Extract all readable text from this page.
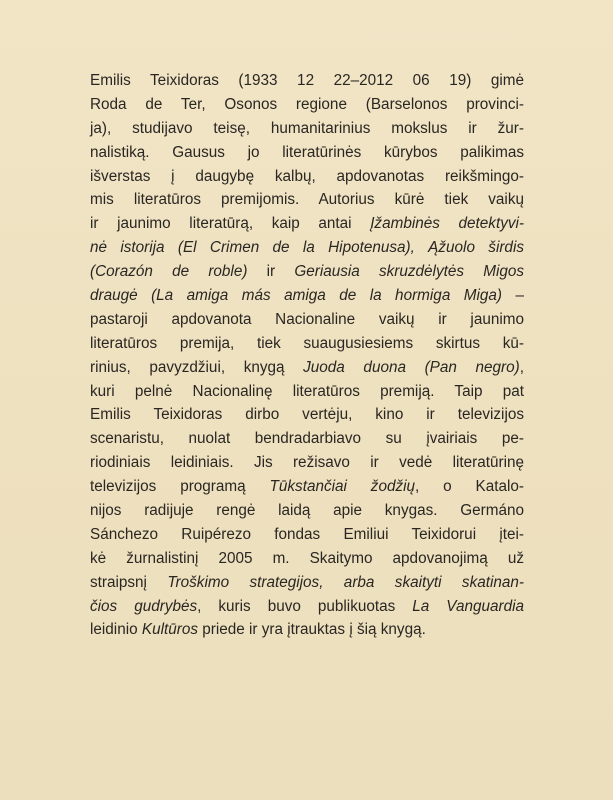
Emilis Teixidoras (1933 12 22–2012 06 19) gimė
Roda de Ter, Osonos regione (Barselonos provinci-
ja), studijavo teisę, humanitarinius mokslus ir žur-
nalistiką. Gausus jo literatūrinės kūrybos palikimas
išverstas į daugybę kalbų, apdovanotas reikšmingo-
mis literatūros premijomis. Autorius kūrė tiek vaikų
ir jaunimo literatūrą, kaip antai Įžambinės detektyvi-
nė istorija (El Crimen de la Hipotenusa), Ąžuolo širdis
(Corazón de roble) ir Geriausia skruzdėlytės Migos
draugė (La amiga más amiga de la hormiga Miga) –
pastaroji apdovanota Nacionaline vaikų ir jaunimo
literatūros premija, tiek suaugusiesiems skirtus kū-
rinius, pavyzdžiui, knygą Juoda duona (Pan negro),
kuri pelnė Nacionalinę literatūros premiją. Taip pat
Emilis Teixidoras dirbo vertėju, kino ir televizijos
scenaristu, nuolat bendradarbiavo su įvairiais pe-
riodiniais leidiniais. Jis režisavo ir vedė literatūrinę
televizijos programą Tūkstančiai žodžių, o Katalo-
nijos radijuje rengė laidą apie knygas. Germáno
Sánchezo Ruipérezo fondas Emiliui Teixidorui įtei-
kė žurnalistinį 2005 m. Skaitymo apdovanojimą už
straipsnį Troškimo strategijos, arba skaityti skatinan-
čios gudrybės, kuris buvo publikuotas La Vanguardia
leidinio Kultūros priede ir yra įtrauktas į šią knygą.
